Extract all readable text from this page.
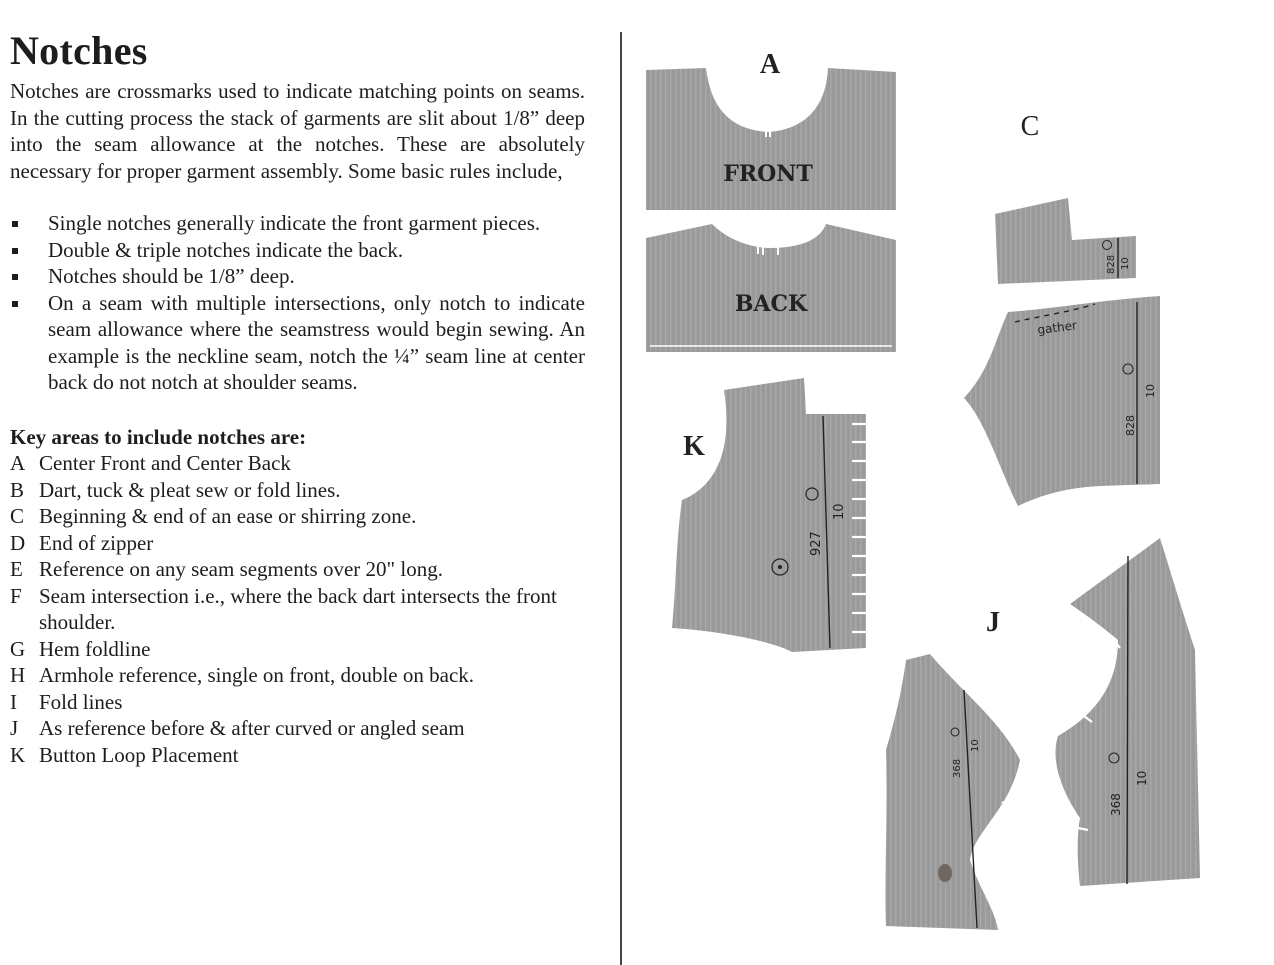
Notches

Notches are crossmarks used to indicate matching points on seams. In the cutting process the stack of garments are slit about 1/8” deep into the seam allowance at the notches. These are absolutely necessary for proper garment assembly. Some basic rules include,

Single notches generally indicate the front garment pieces.
Double & triple notches indicate the back.
Notches should be 1/8” deep.
On a seam with multiple intersections, only notch to indicate seam allowance where the seamstress would begin sewing. An example is the neckline seam, notch the ¼” seam line at center back do not notch at shoulder seams.

Key areas to include notches are:

A Center Front and Center Back
B Dart, tuck & pleat sew or fold lines.
C Beginning & end of an ease or shirring zone.
D End of zipper
E Reference on any seam segments over 20" long.
F Seam intersection i.e., where the back dart intersects the front shoulder.
G Hem foldline
H Armhole reference, single on front, double on back.
I	Fold lines
J As reference before & after curved or angled seam
K Button Loop Placement
FRONT
BACK
A
C
K
J
828 10
gather
828
10
927
10
368
10
368
10
